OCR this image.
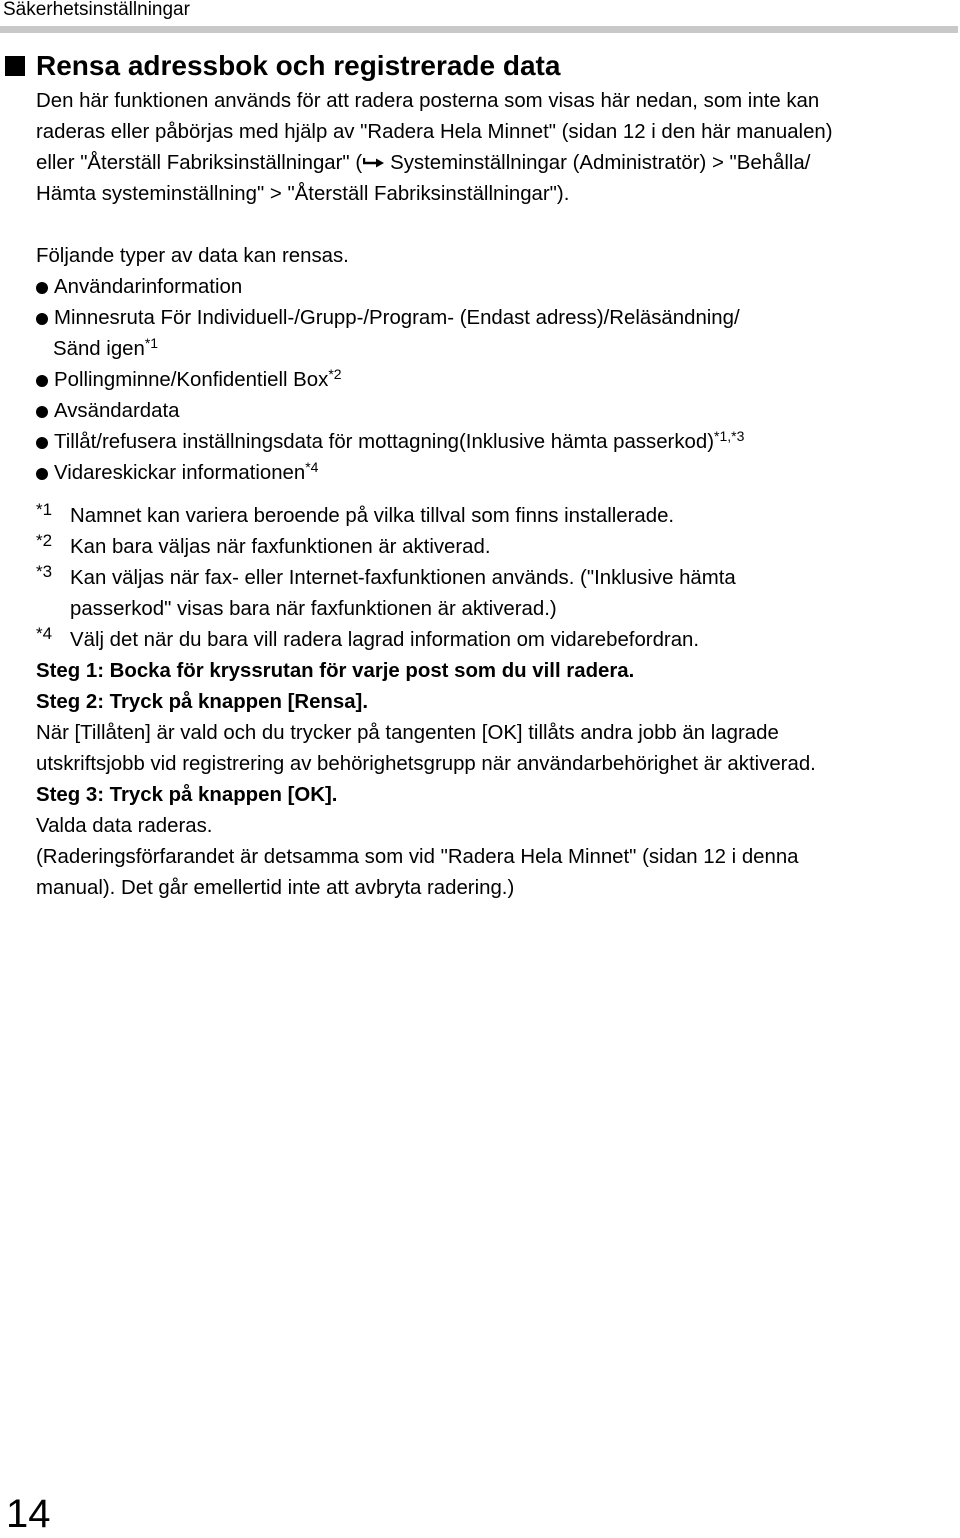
Säkerhetsinställningar
Rensa adressbok och registrerade data

Den här funktionen används för att radera posterna som visas här nedan, som inte kan

raderas eller påbörjas med hjälp av "Radera Hela Minnet" (sidan 12 i den här manualen)

eller "Återställ Fabriksinställningar" ( Systeminställningar (Administratör) > "Behålla/

Hämta systeminställning" > "Återställ Fabriksinställningar").

Följande typer av data kan rensas.

Användarinformation
Minnesruta För Individuell-/Grupp-/Program- (Endast adress)/Reläsändning/
Sänd igen$^{*1}$
Pollingminne/Konfidentiell Box$^{*2}$
Avsändardata
Tillåt/refusera inställningsdata för mottagning(Inklusive hämta passerkod)$^{*1,*3}$
Vidareskickar informationen$^{*4}$
*1 Namnet kan variera beroende på vilka tillval som finns installerade.
*2 Kan bara väljas när faxfunktionen är aktiverad.
*3 Kan väljas när fax- eller Internet-faxfunktionen används. ("Inklusive hämta
passerkod" visas bara när faxfunktionen är aktiverad.)
*4 Välj det när du bara vill radera lagrad information om vidarebefordran.

Steg 1: Bocka för kryssrutan för varje post som du vill radera.

Steg 2: Tryck på knappen [Rensa].

När [Tillåten] är vald och du trycker på tangenten [OK] tillåts andra jobb än lagrade

utskriftsjobb vid registrering av behörighetsgrupp när användarbehörighet är aktiverad.

Steg 3: Tryck på knappen [OK].

Valda data raderas.

(Raderingsförfarandet är detsamma som vid "Radera Hela Minnet" (sidan 12 i denna

manual). Det går emellertid inte att avbryta radering.)

14
